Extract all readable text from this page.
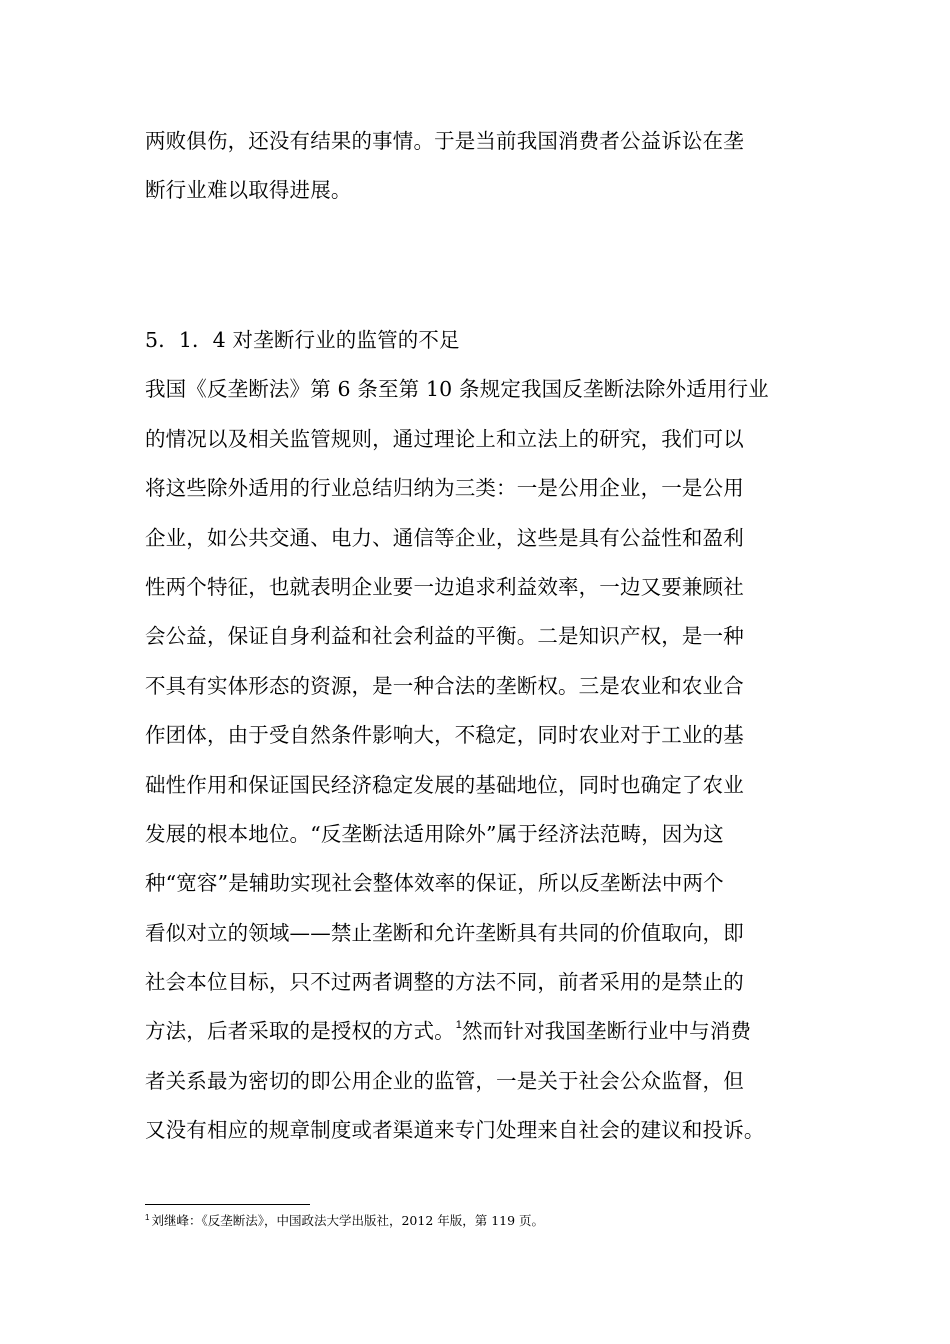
两败俱伤，还没有结果的事情。于是当前我国消费者公益诉讼在垄
断行业难以取得进展。
5．1．4 对垄断行业的监管的不足
我国《反垄断法》第 6 条至第 10 条规定我国反垄断法除外适用行业
的情况以及相关监管规则，通过理论上和立法上的研究，我们可以
将这些除外适用的行业总结归纳为三类：一是公用企业，一是公用
企业，如公共交通、电力、通信等企业，这些是具有公益性和盈利
性两个特征，也就表明企业要一边追求利益效率，一边又要兼顾社
会公益，保证自身利益和社会利益的平衡。二是知识产权，是一种
不具有实体形态的资源，是一种合法的垄断权。三是农业和农业合
作团体，由于受自然条件影响大，不稳定，同时农业对于工业的基
础性作用和保证国民经济稳定发展的基础地位，同时也确定了农业
发展的根本地位。“反垄断法适用除外”属于经济法范畴，因为这
种“宽容”是辅助实现社会整体效率的保证，所以反垄断法中两个
看似对立的领域——禁止垄断和允许垄断具有共同的价值取向，即
社会本位目标，只不过两者调整的方法不同，前者采用的是禁止的
方法，后者采取的是授权的方式。$^1$然而针对我国垄断行业中与消费
者关系最为密切的即公用企业的监管，一是关于社会公众监督，但
又没有相应的规章制度或者渠道来专门处理来自社会的建议和投诉。
$^1$ 刘继峰：《反垄断法》，中国政法大学出版社，2012 年版，第 119 页。
